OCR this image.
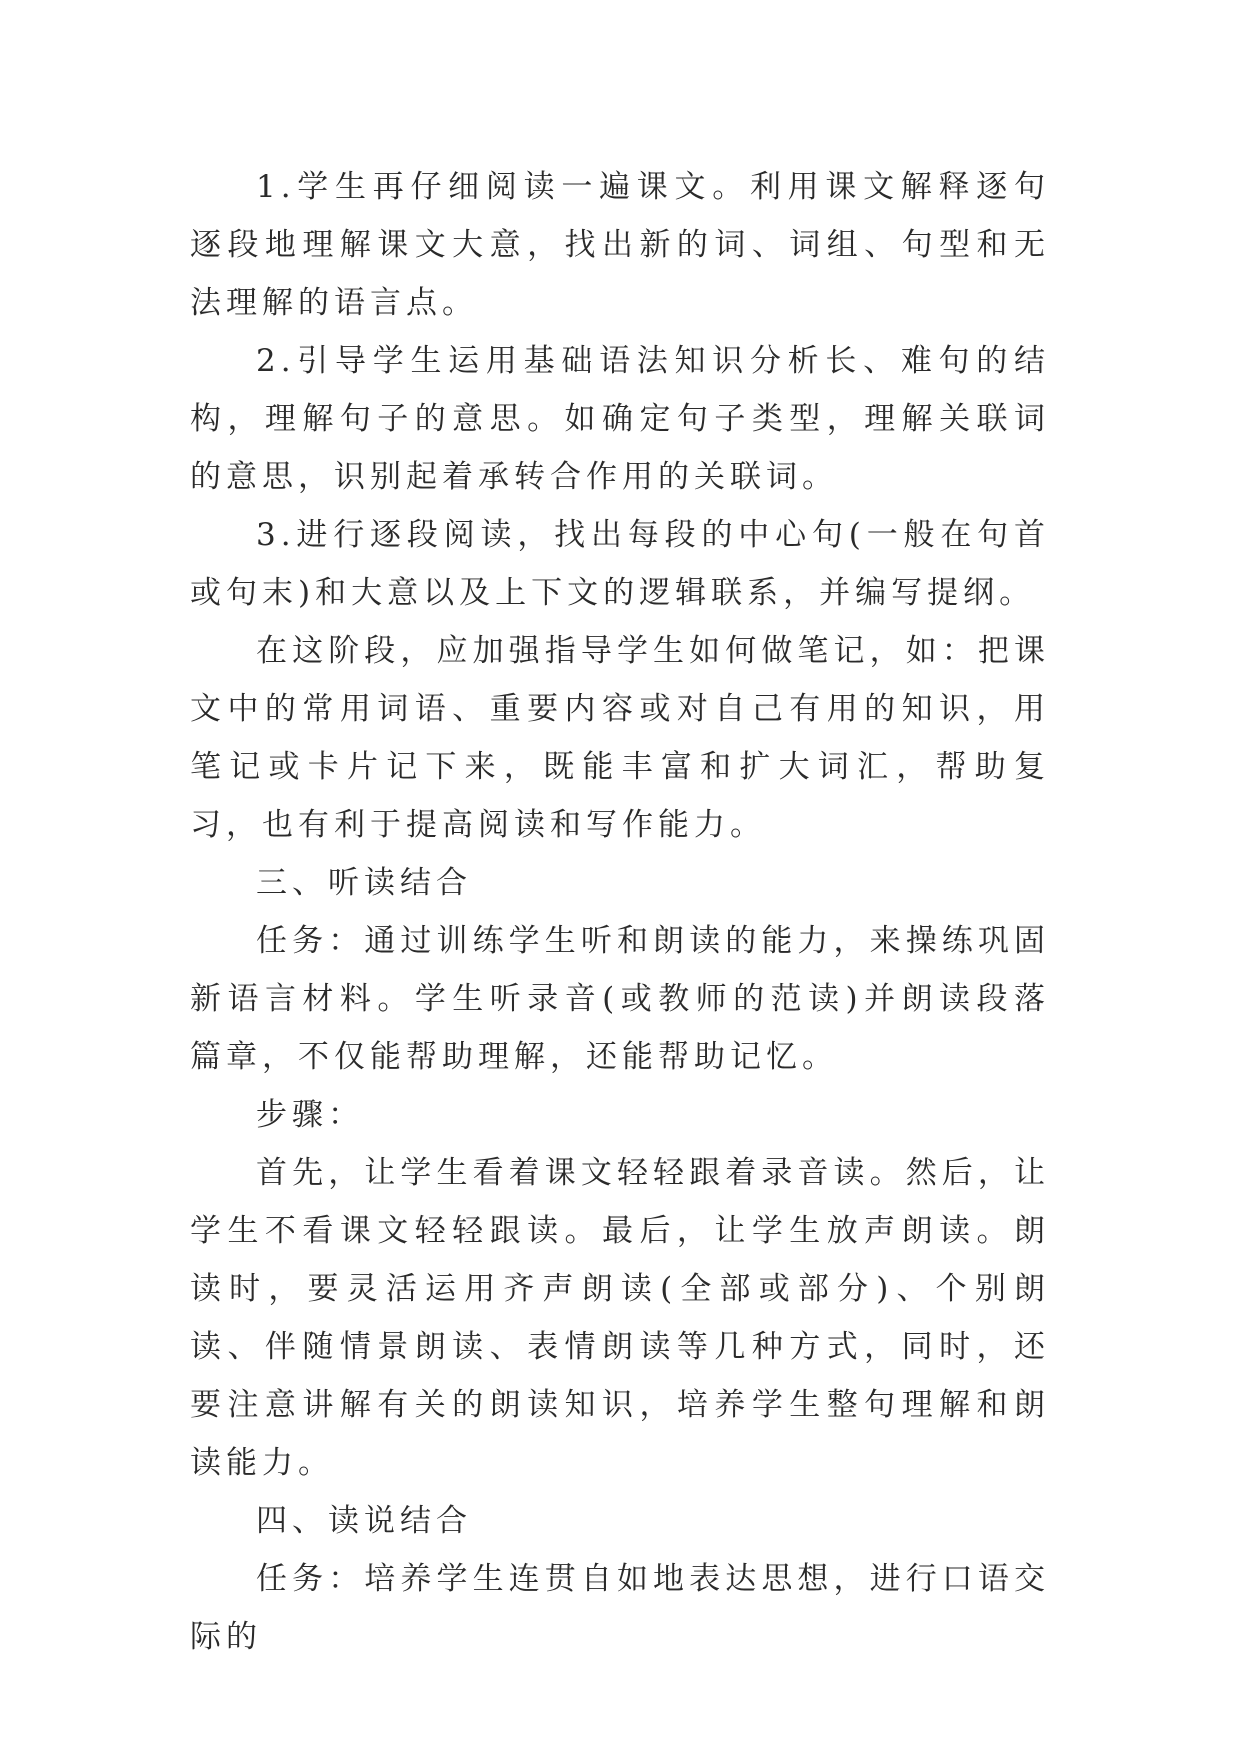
1.学生再仔细阅读一遍课文。利用课文解释逐句逐段地理解课文大意，找出新的词、词组、句型和无法理解的语言点。

2.引导学生运用基础语法知识分析长、难句的结构，理解句子的意思。如确定句子类型，理解关联词的意思，识别起着承转合作用的关联词。

3.进行逐段阅读，找出每段的中心句(一般在句首或句末)和大意以及上下文的逻辑联系，并编写提纲。

在这阶段，应加强指导学生如何做笔记，如：把课文中的常用词语、重要内容或对自己有用的知识，用笔记或卡片记下来，既能丰富和扩大词汇，帮助复习，也有利于提高阅读和写作能力。

三、听读结合

任务：通过训练学生听和朗读的能力，来操练巩固新语言材料。学生听录音(或教师的范读)并朗读段落篇章，不仅能帮助理解，还能帮助记忆。

步骤：

首先，让学生看着课文轻轻跟着录音读。然后，让学生不看课文轻轻跟读。最后，让学生放声朗读。朗读时，要灵活运用齐声朗读(全部或部分)、个别朗读、伴随情景朗读、表情朗读等几种方式，同时，还要注意讲解有关的朗读知识，培养学生整句理解和朗读能力。

四、读说结合

任务：培养学生连贯自如地表达思想，进行口语交际的
